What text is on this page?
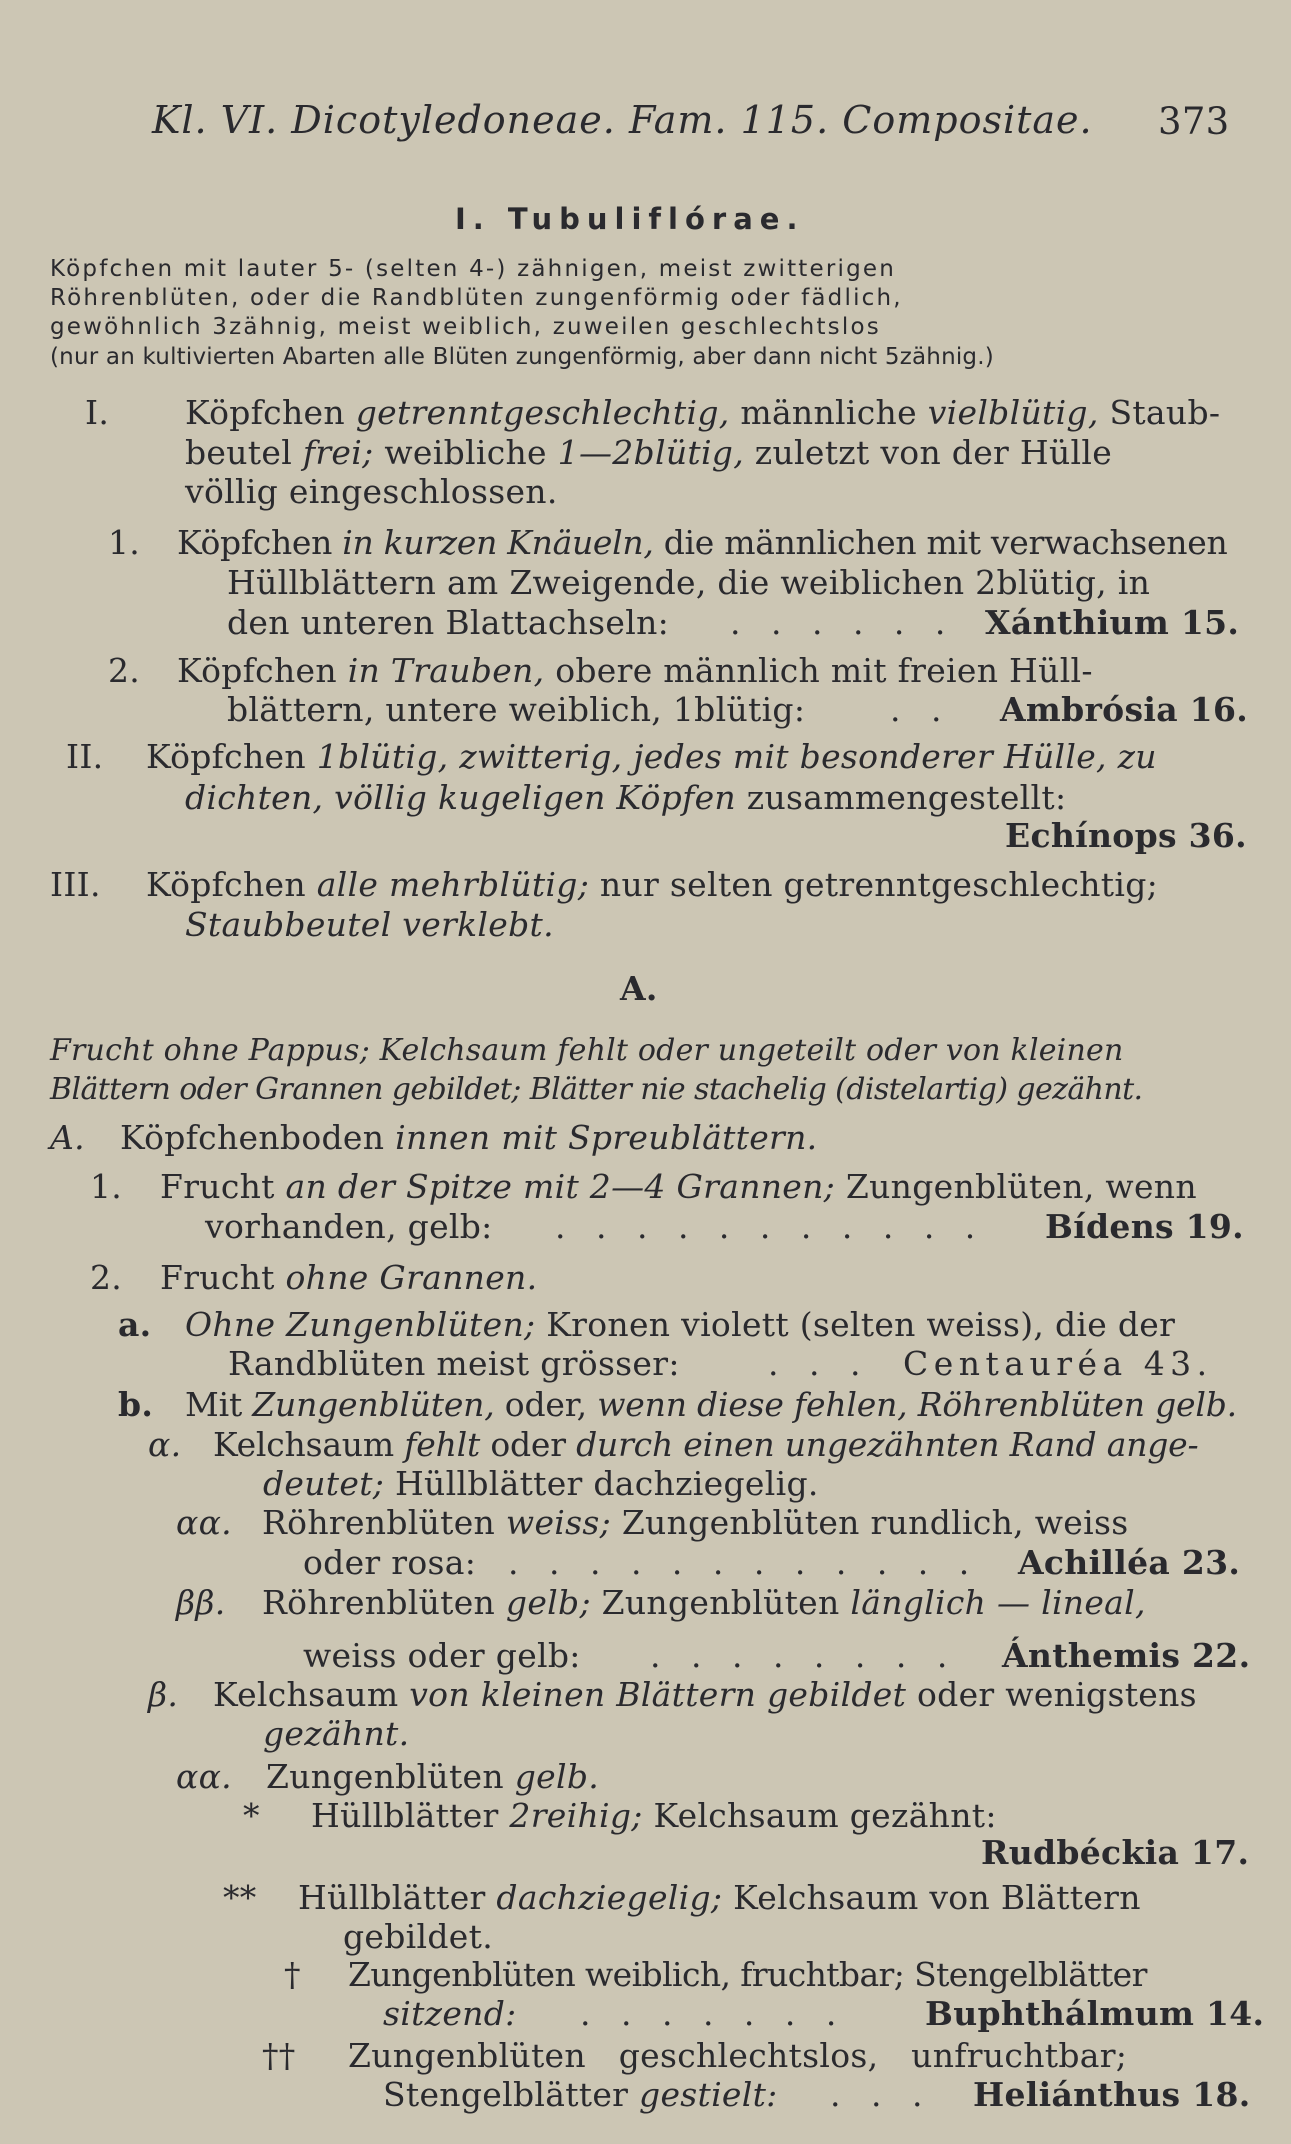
Kl. VI. Dicotyledoneae. Fam. 115. Compositae. 373
I. Tubuliflórae.
Köpfchen mit lauter 5- (selten 4-) zähnigen, meist zwitterigen
Röhrenblüten, oder die Randblüten zungenförmig oder fädlich,
gewöhnlich 3zähnig, meist weiblich, zuweilen geschlechtslos
(nur an kultivierten Abarten alle Blüten zungenförmig, aber dann nicht 5zähnig.)
I. Köpfchen getrenntgeschlechtig, männliche vielblütig, Staub-
beutel frei; weibliche 1—2blütig, zuletzt von der Hülle
völlig eingeschlossen.
1. Köpfchen in kurzen Knäueln, die männlichen mit verwachsenen
Hüllblättern am Zweigende, die weiblichen 2blütig, in
den unteren Blattachseln: . . . . . . Xánthium 15.
2. Köpfchen in Trauben, obere männlich mit freien Hüll-
blättern, untere weiblich, 1blütig:	. . Ambrósia 16.
II. Köpfchen 1blütig, zwitterig, jedes mit besonderer Hülle, zu
dichten, völlig kugeligen Köpfen zusammengestellt:
Echínops 36.
III. Köpfchen alle mehrblütig; nur selten getrenntgeschlechtig;
Staubbeutel verklebt.
A.
Frucht ohne Pappus; Kelchsaum fehlt oder ungeteilt oder von kleinen
Blättern oder Grannen gebildet; Blätter nie stachelig (distelartig) gezähnt.
A. Köpfchenboden innen mit Spreublättern.
1. Frucht an der Spitze mit 2—4 Grannen; Zungenblüten, wenn
vorhanden, gelb: . . . . . . . . . . . Bídens 19.
2. Frucht ohne Grannen.
a. Ohne Zungenblüten; Kronen violett (selten weiss), die der
Randblüten meist grösser:	. . . Centauréa 43.
b. Mit Zungenblüten, oder, wenn diese fehlen, Röhrenblüten gelb.
α. Kelchsaum fehlt oder durch einen ungezähnten Rand ange-
deutet; Hüllblätter dachziegelig.
αα. Röhrenblüten weiss; Zungenblüten rundlich, weiss
oder rosa: . . . . . . . . . . . . Achilléa 23.
ββ. Röhrenblüten gelb; Zungenblüten länglich — lineal,
weiss oder gelb: . . . . . . . . Ánthemis 22.
β. Kelchsaum von kleinen Blättern gebildet oder wenigstens
gezähnt.
αα. Zungenblüten gelb.
* Hüllblätter 2reihig; Kelchsaum gezähnt:
Rudbéckia 17.
** Hüllblätter dachziegelig; Kelchsaum von Blättern
gebildet.
† Zungenblüten weiblich, fruchtbar; Stengelblätter
sitzend: . . . . . . . Buphthálmum 14.
†† Zungenblüten geschlechtslos, unfruchtbar;
Stengelblätter gestielt: . . . Heliánthus 18.
